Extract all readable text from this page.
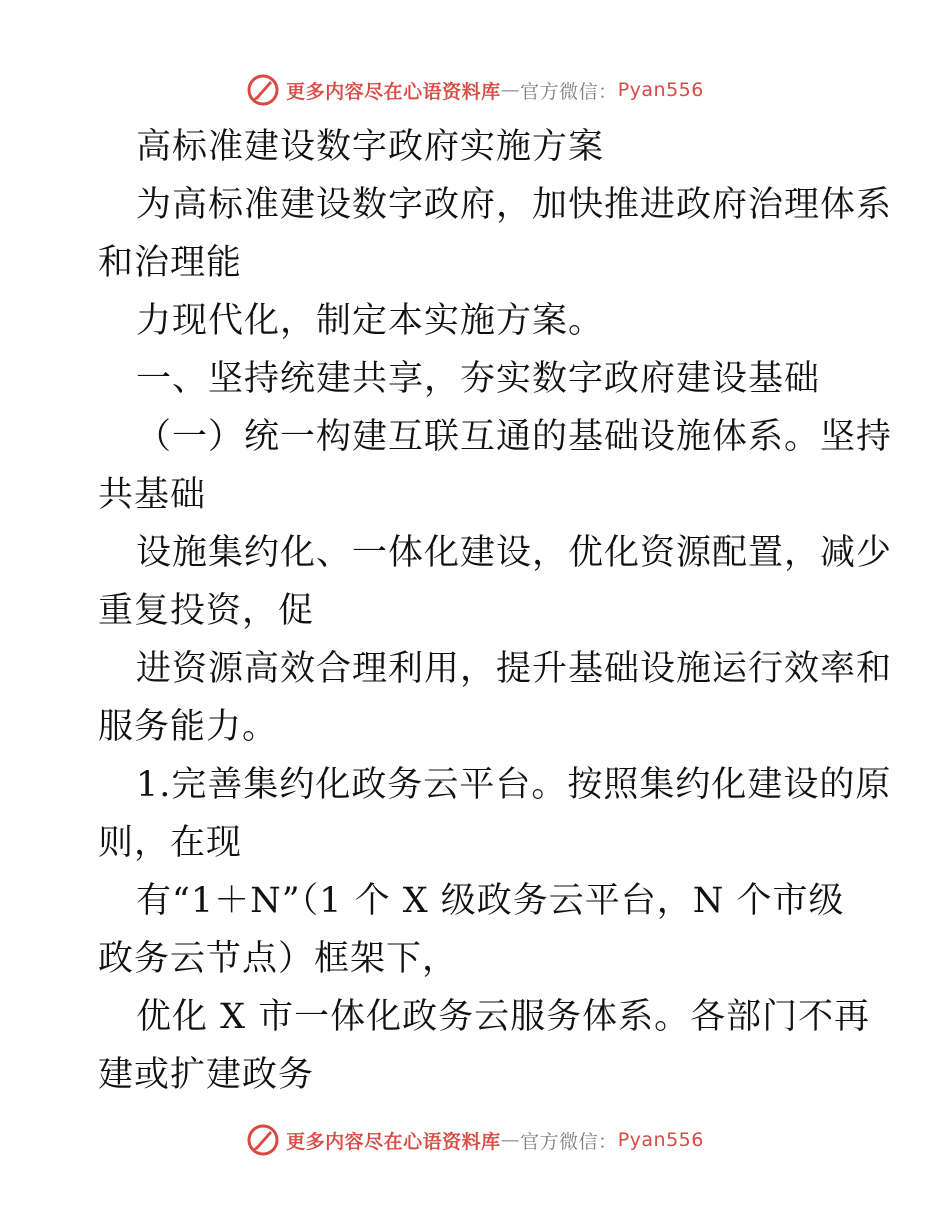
更多内容尽在心语资料库 — 官方微信： Pyan556
高标准建设数字政府实施方案
为高标准建设数字政府，加快推进政府治理体系
和治理能
力现代化，制定本实施方案。
一、坚持统建共享，夯实数字政府建设基础
（一）统一构建互联互通的基础设施体系。坚持
共基础
设施集约化、一体化建设，优化资源配置，减少
重复投资，促
进资源高效合理利用，提升基础设施运行效率和
服务能力。
1.完善集约化政务云平台。按照集约化建设的原
则，在现
有“1＋N”（1 个 X 级政务云平台，N 个市级
政务云节点）框架下，
优化 X 市一体化政务云服务体系。各部门不再
建或扩建政务
更多内容尽在心语资料库 — 官方微信： Pyan556
